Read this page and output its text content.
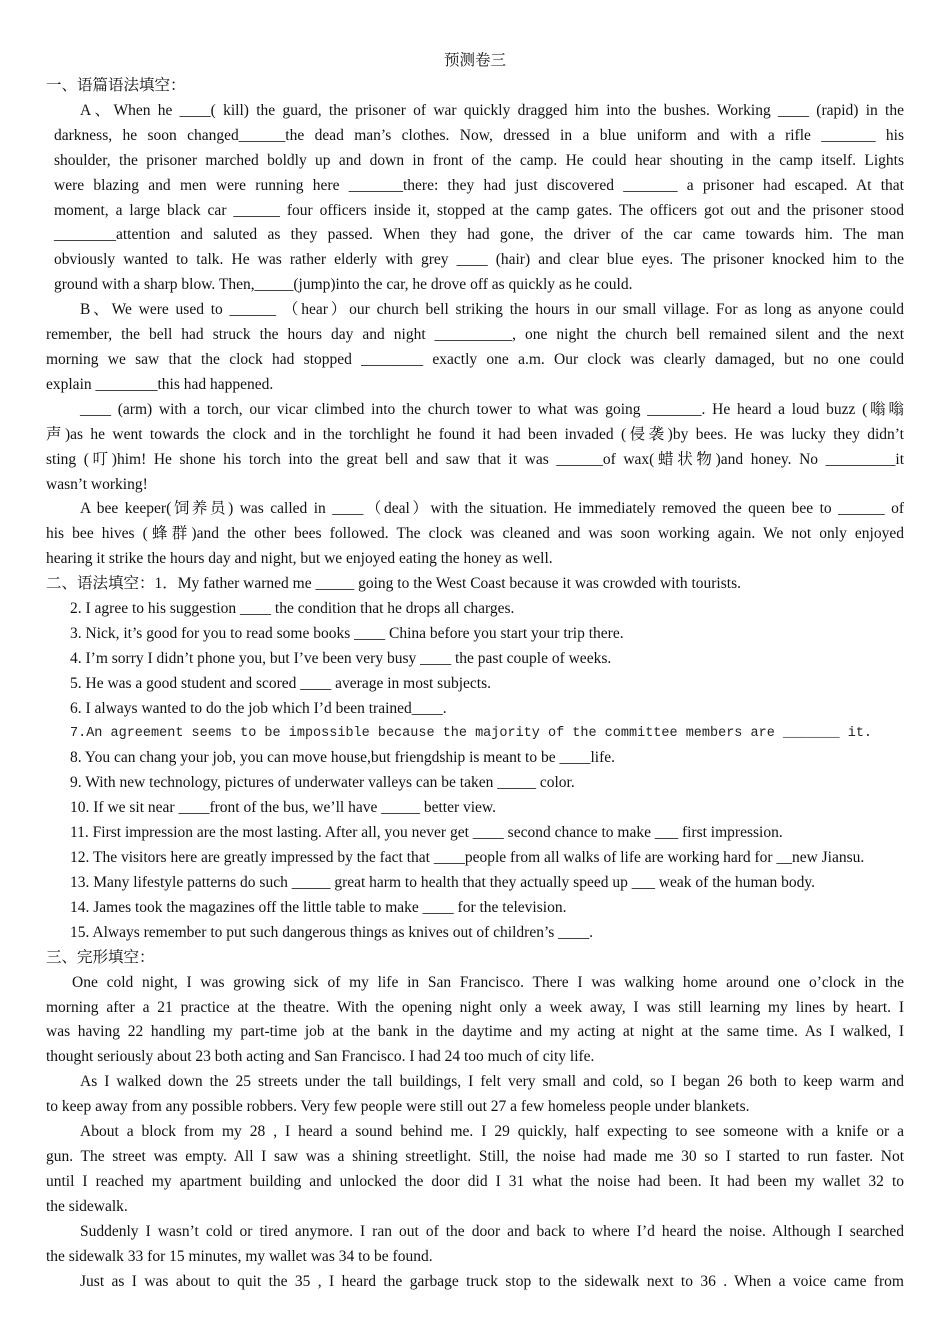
预测卷三

一、语篇语法填空：

A、When he ____( kill) the guard, the prisoner of war quickly dragged him into the bushes. Working ____ (rapid) in the

darkness, he soon changed______the dead man’s clothes. Now, dressed in a blue uniform and with a rifle _______ his

shoulder, the prisoner marched boldly up and down in front of the camp. He could hear shouting in the camp itself. Lights

were blazing and men were running here _______there: they had just discovered _______ a prisoner had escaped. At that

moment, a large black car ______ four officers inside it, stopped at the camp gates. The officers got out and the prisoner stood

________attention and saluted as they passed. When they had gone, the driver of the car came towards him. The man

obviously wanted to talk. He was rather elderly with grey ____ (hair) and clear blue eyes. The prisoner knocked him to the

ground with a sharp blow. Then,_____(jump)into the car, he drove off as quickly as he could.

B、We were used to ______ （hear）our church bell striking the hours in our small village. For as long as anyone could

remember, the bell had struck the hours day and night __________, one night the church bell remained silent and the next

morning we saw that the clock had stopped ________ exactly one a.m. Our clock was clearly damaged, but no one could

explain ________this had happened.

____ (arm) with a torch, our vicar climbed into the church tower to what was going _______. He heard a loud buzz (嗡嗡

声)as he went towards the clock and in the torchlight he found it had been invaded (侵袭)by bees. He was lucky they didn’t

sting (叮)him! He shone his torch into the great bell and saw that it was ______of wax(蜡状物)and honey. No _________it

wasn’t working!

A bee keeper(饲养员) was called in ____（deal）with the situation. He immediately removed the queen bee to ______ of

his bee hives (蜂群)and the other bees followed. The clock was cleaned and was soon working again. We not only enjoyed

hearing it strike the hours day and night, but we enjoyed eating the honey as well.

二、语法填空：1．My father warned me _____ going to the West Coast because it was crowded with tourists.

2. I agree to his suggestion ____ the condition that he drops all charges.

3. Nick, it’s good for you to read some books ____ China before you start your trip there.

4. I’m sorry I didn’t phone you, but I’ve been very busy ____ the past couple of weeks.

5. He was a good student and scored ____ average in most subjects.

6. I always wanted to do the job which I’d been trained____.

7.An agreement seems to be impossible because the majority of the committee members are _______ it.

8. You can chang your job, you can move house,but friengdship is meant to be ____life.

9. With new technology, pictures of underwater valleys can be taken _____ color.

10. If we sit near ____front of the bus, we’ll have _____ better view.

11. First impression are the most lasting. After all, you never get ____ second chance to make ___ first impression.

12. The visitors here are greatly impressed by the fact that ____people from all walks of life are working hard for __new Jiansu.

13. Many lifestyle patterns do such _____ great harm to health that they actually speed up ___ weak of the human body.

14. James took the magazines off the little table to make ____ for the television.

15. Always remember to put such dangerous things as knives out of children’s ____.

三、完形填空：

One cold night, I was growing sick of my life in San Francisco. There I was walking home around one o’clock in the

morning after a 21 practice at the theatre. With the opening night only a week away, I was still learning my lines by heart. I

was having 22 handling my part-time job at the bank in the daytime and my acting at night at the same time. As I walked, I

thought seriously about 23 both acting and San Francisco. I had 24 too much of city life.

As I walked down the 25 streets under the tall buildings, I felt very small and cold, so I began 26 both to keep warm and

to keep away from any possible robbers. Very few people were still out 27 a few homeless people under blankets.

About a block from my 28 , I heard a sound behind me. I 29 quickly, half expecting to see someone with a knife or a

gun. The street was empty. All I saw was a shining streetlight. Still, the noise had made me 30 so I started to run faster. Not

until I reached my apartment building and unlocked the door did I 31 what the noise had been. It had been my wallet 32 to

the sidewalk.

Suddenly I wasn’t cold or tired anymore. I ran out of the door and back to where I’d heard the noise. Although I searched

the sidewalk 33 for 15 minutes, my wallet was 34 to be found.

Just as I was about to quit the 35 , I heard the garbage truck stop to the sidewalk next to 36 . When a voice came from
